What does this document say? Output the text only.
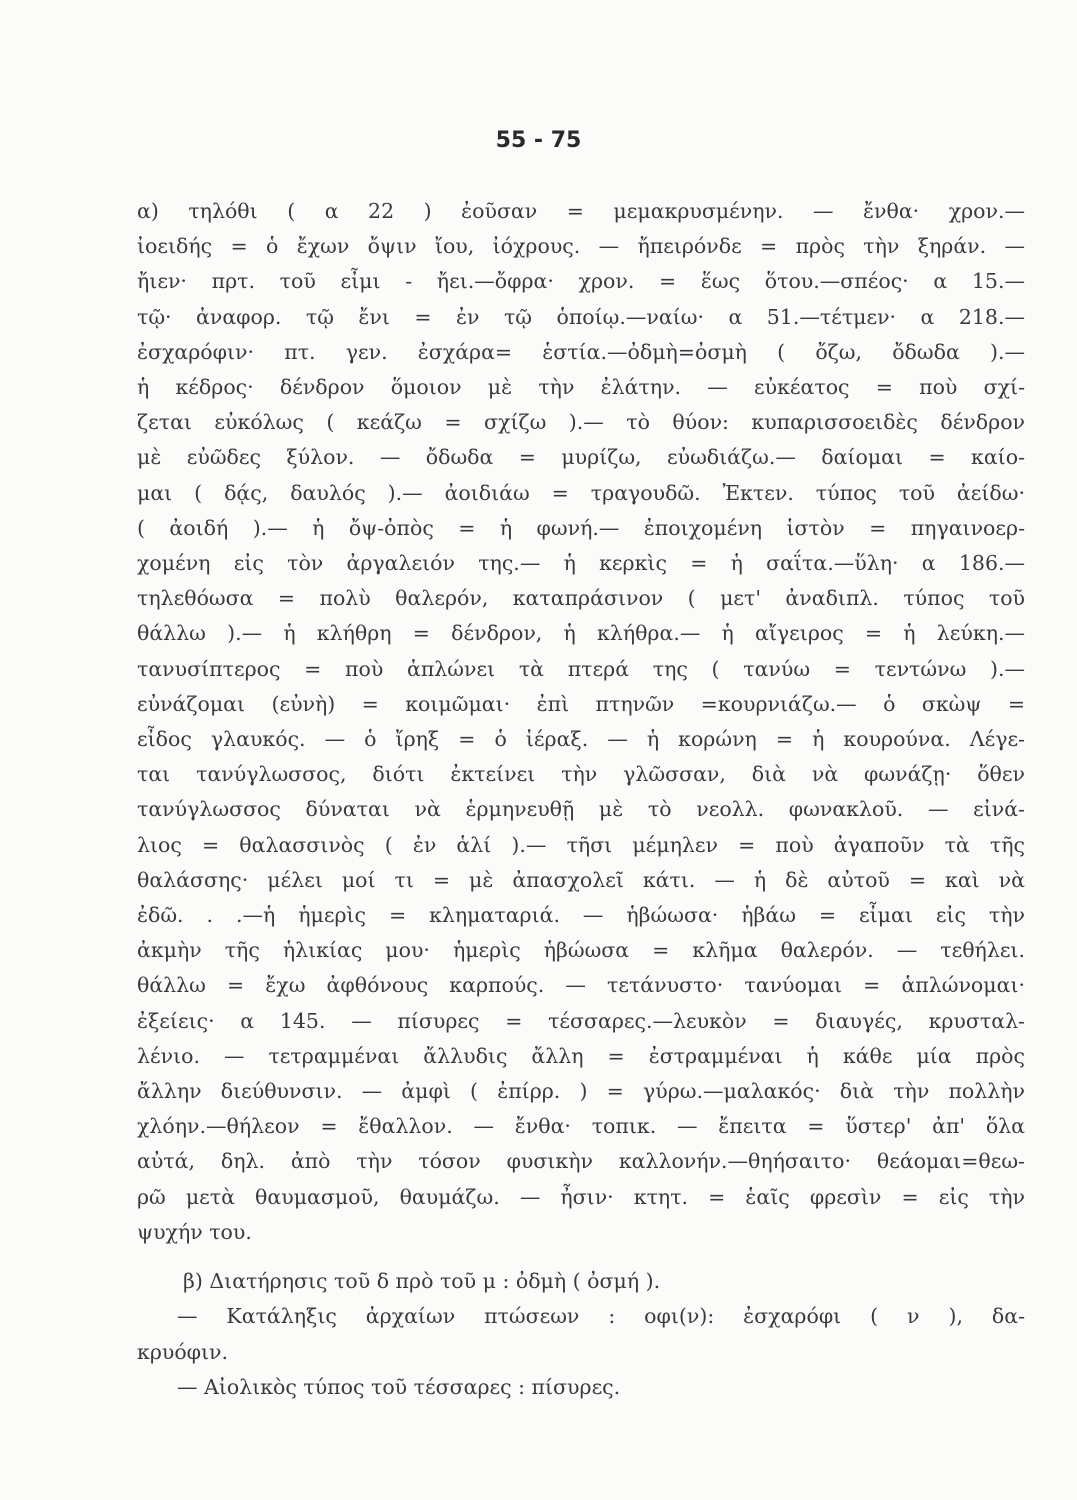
55 - 75
α) τηλόθι ( α 22 ) ἐοῦσαν = μεμακρυσμένην. — ἔνθα· χρον.—
ἰοειδής = ὁ ἔχων ὄψιν ἴου, ἰόχρους. — ἤπειρόνδε = πρὸς τὴν ξηράν. —
ἤιεν· πρτ. τοῦ εἶμι - ἤει.—ὄφρα· χρον. = ἕως ὅτου.—σπέος· α 15.—
τῷ· ἀναφορ. τῷ ἔνι = ἐν τῷ ὁποίῳ.—ναίω· α 51.—τέτμεν· α 218.—
ἐσχαρόφιν· πτ. γεν. ἐσχάρα= ἑστία.—ὀδμὴ=ὀσμὴ ( ὄζω, ὄδωδα ).—
ἡ κέδρος· δένδρον ὅμοιον μὲ τὴν ἐλάτην. — εὐκέατος = ποὺ σχί-
ζεται εὐκόλως ( κεάζω = σχίζω ).— τὸ θύον: κυπαρισσοειδὲς δένδρον
μὲ εὐῶδες ξύλον. — ὄδωδα = μυρίζω, εὐωδιάζω.— δαίομαι = καίο-
μαι ( δᾴς, δαυλός ).— ἀοιδιάω = τραγουδῶ. Ἐκτεν. τύπος τοῦ ἀείδω·
( ἀοιδή ).— ἡ ὄψ-ὀπὸς = ἡ φωνή.— ἐποιχομένη ἱστὸν = πηγαινοερ-
χομένη εἰς τὸν ἀργαλειόν της.— ἡ κερκὶς = ἡ σαΐτα.—ὕλη· α 186.—
τηλεθόωσα = πολὺ θαλερόν, καταπράσινον ( μετ' ἀναδιπλ. τύπος τοῦ
θάλλω ).— ἡ κλήθρη = δένδρον, ἡ κλήθρα.— ἡ αἴγειρος = ἡ λεύκη.—
τανυσίπτερος = ποὺ ἁπλώνει τὰ πτερά της ( τανύω = τεντώνω ).—
εὐνάζομαι (εὐνὴ) = κοιμῶμαι· ἐπὶ πτηνῶν =κουρνιάζω.— ὁ σκὼψ =
εἶδος γλαυκός. — ὁ ἴρηξ = ὁ ἱέραξ. — ἡ κορώνη = ἡ κουρούνα. Λέγε-
ται τανύγλωσσος, διότι ἐκτείνει τὴν γλῶσσαν, διὰ νὰ φωνάζῃ· ὅθεν
τανύγλωσσος δύναται νὰ ἑρμηνευθῇ μὲ τὸ νεολλ. φωνακλοῦ. — εἰνά-
λιος = θαλασσινὸς ( ἐν ἁλί ).— τῆσι μέμηλεν = ποὺ ἀγαποῦν τὰ τῆς
θαλάσσης· μέλει μοί τι = μὲ ἀπασχολεῖ κάτι. — ἡ δὲ αὐτοῦ = καὶ νὰ
ἐδῶ. . .—ἡ ἡμερὶς = κληματαριά. — ἡβώωσα· ἡβάω = εἶμαι εἰς τὴν
ἀκμὴν τῆς ἡλικίας μου· ἡμερὶς ἡβώωσα = κλῆμα θαλερόν. — τεθήλει.
θάλλω = ἔχω ἀφθόνους καρπούς. — τετάνυστο· τανύομαι = ἁπλώνομαι·
ἐξείεις· α 145. — πίσυρες = τέσσαρες.—λευκὸν = διαυγές, κρυσταλ-
λένιο. — τετραμμέναι ἄλλυδις ἄλλη = ἐστραμμέναι ἡ κάθε μία πρὸς
ἄλλην διεύθυνσιν. — ἀμφὶ ( ἐπίρρ. ) = γύρω.—μαλακός· διὰ τὴν πολλὴν
χλόην.—θήλεον = ἔθαλλον. — ἔνθα· τοπικ. — ἔπειτα = ὕστερ' ἀπ' ὅλα
αὐτά, δηλ. ἀπὸ τὴν τόσον φυσικὴν καλλονήν.—θηήσαιτο· θεάομαι=θεω-
ρῶ μετὰ θαυμασμοῦ, θαυμάζω. — ἦσιν· κτητ. = ἑαῖς φρεσὶν = εἰς τὴν
ψυχήν του.
β) Διατήρησις τοῦ δ πρὸ τοῦ μ : ὀδμὴ ( ὀσμή ).
— Κατάληξις ἀρχαίων πτώσεων : οφι(ν): ἐσχαρόφι ( ν ), δα-
κρυόφιν.
— Αἰολικὸς τύπος τοῦ τέσσαρες : πίσυρες.
